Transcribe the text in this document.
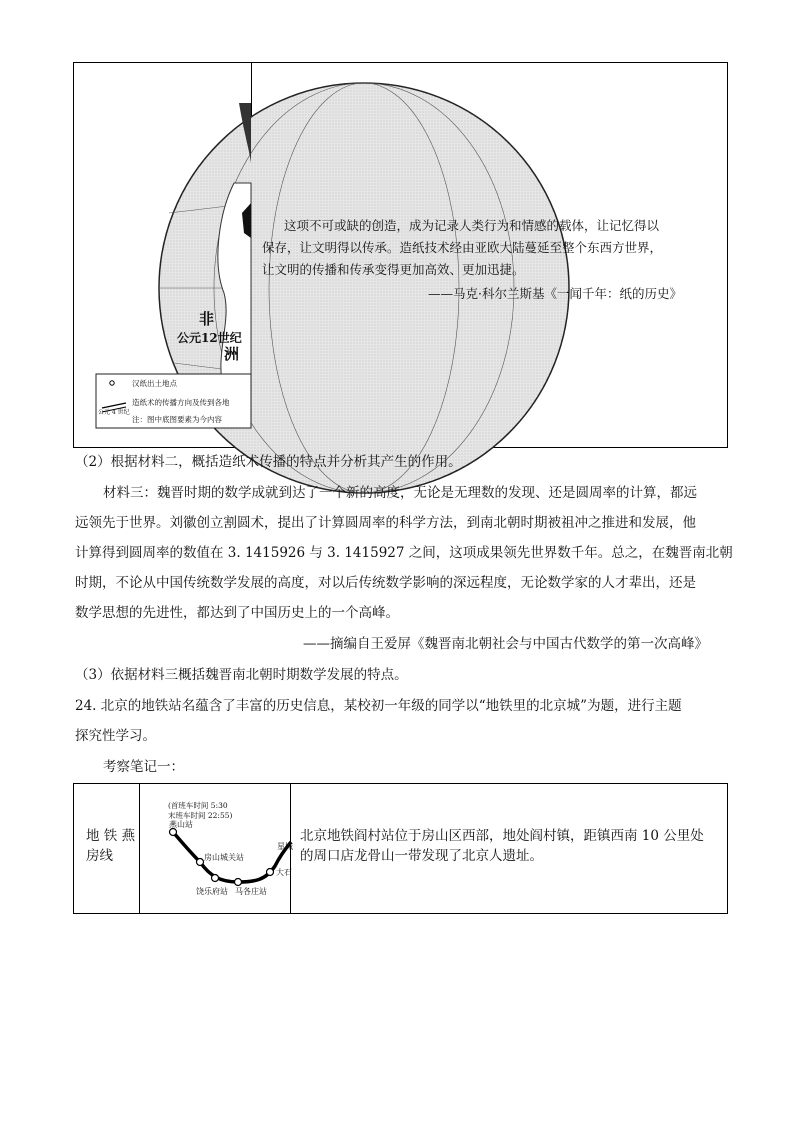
非
公元12世纪
洲
汉纸出土地点
造纸术的传播方向及传到各地
公元 4 世纪
注：图中底图要素为今内容
这项不可或缺的创造，成为记录人类行为和情感的载体，让记忆得以
保存，让文明得以传承。造纸技术经由亚欧大陆蔓延至整个东西方世界，
让文明的传播和传承变得更加高效、更加迅捷。
——马克·科尔兰斯基《一闻千年：纸的历史》
（2）根据材料二，概括造纸术传播的特点并分析其产生的作用。
材料三：魏晋时期的数学成就到达了一个新的高度，无论是无理数的发现、还是圆周率的计算，都远
远领先于世界。刘徽创立割圆术，提出了计算圆周率的科学方法，到南北朝时期被祖冲之推进和发展，他
计算得到圆周率的数值在 3. 1415926 与 3. 1415927 之间，这项成果领先世界数千年。总之，在魏晋南北朝
时期，不论从中国传统数学发展的高度，对以后传统数学影响的深远程度，无论数学家的人才辈出，还是
数学思想的先进性，都达到了中国历史上的一个高峰。
——摘编自王爱屏《魏晋南北朝社会与中国古代数学的第一次高峰》
（3）依据材料三概括魏晋南北朝时期数学发展的特点。
24. 北京的地铁站名蕴含了丰富的历史信息，某校初一年级的同学以“地铁里的北京城”为题，进行主题
探究性学习。
考察笔记一：
地 铁 燕
房线
(首班车时间 5:30
末班车时间 22:55)
燕山站
房山城关站
饶乐府站 马各庄站
大石
星城
北京地铁阎村站位于房山区西部，地处阎村镇，距镇西南 10 公里处
的周口店龙骨山一带发现了北京人遗址。
